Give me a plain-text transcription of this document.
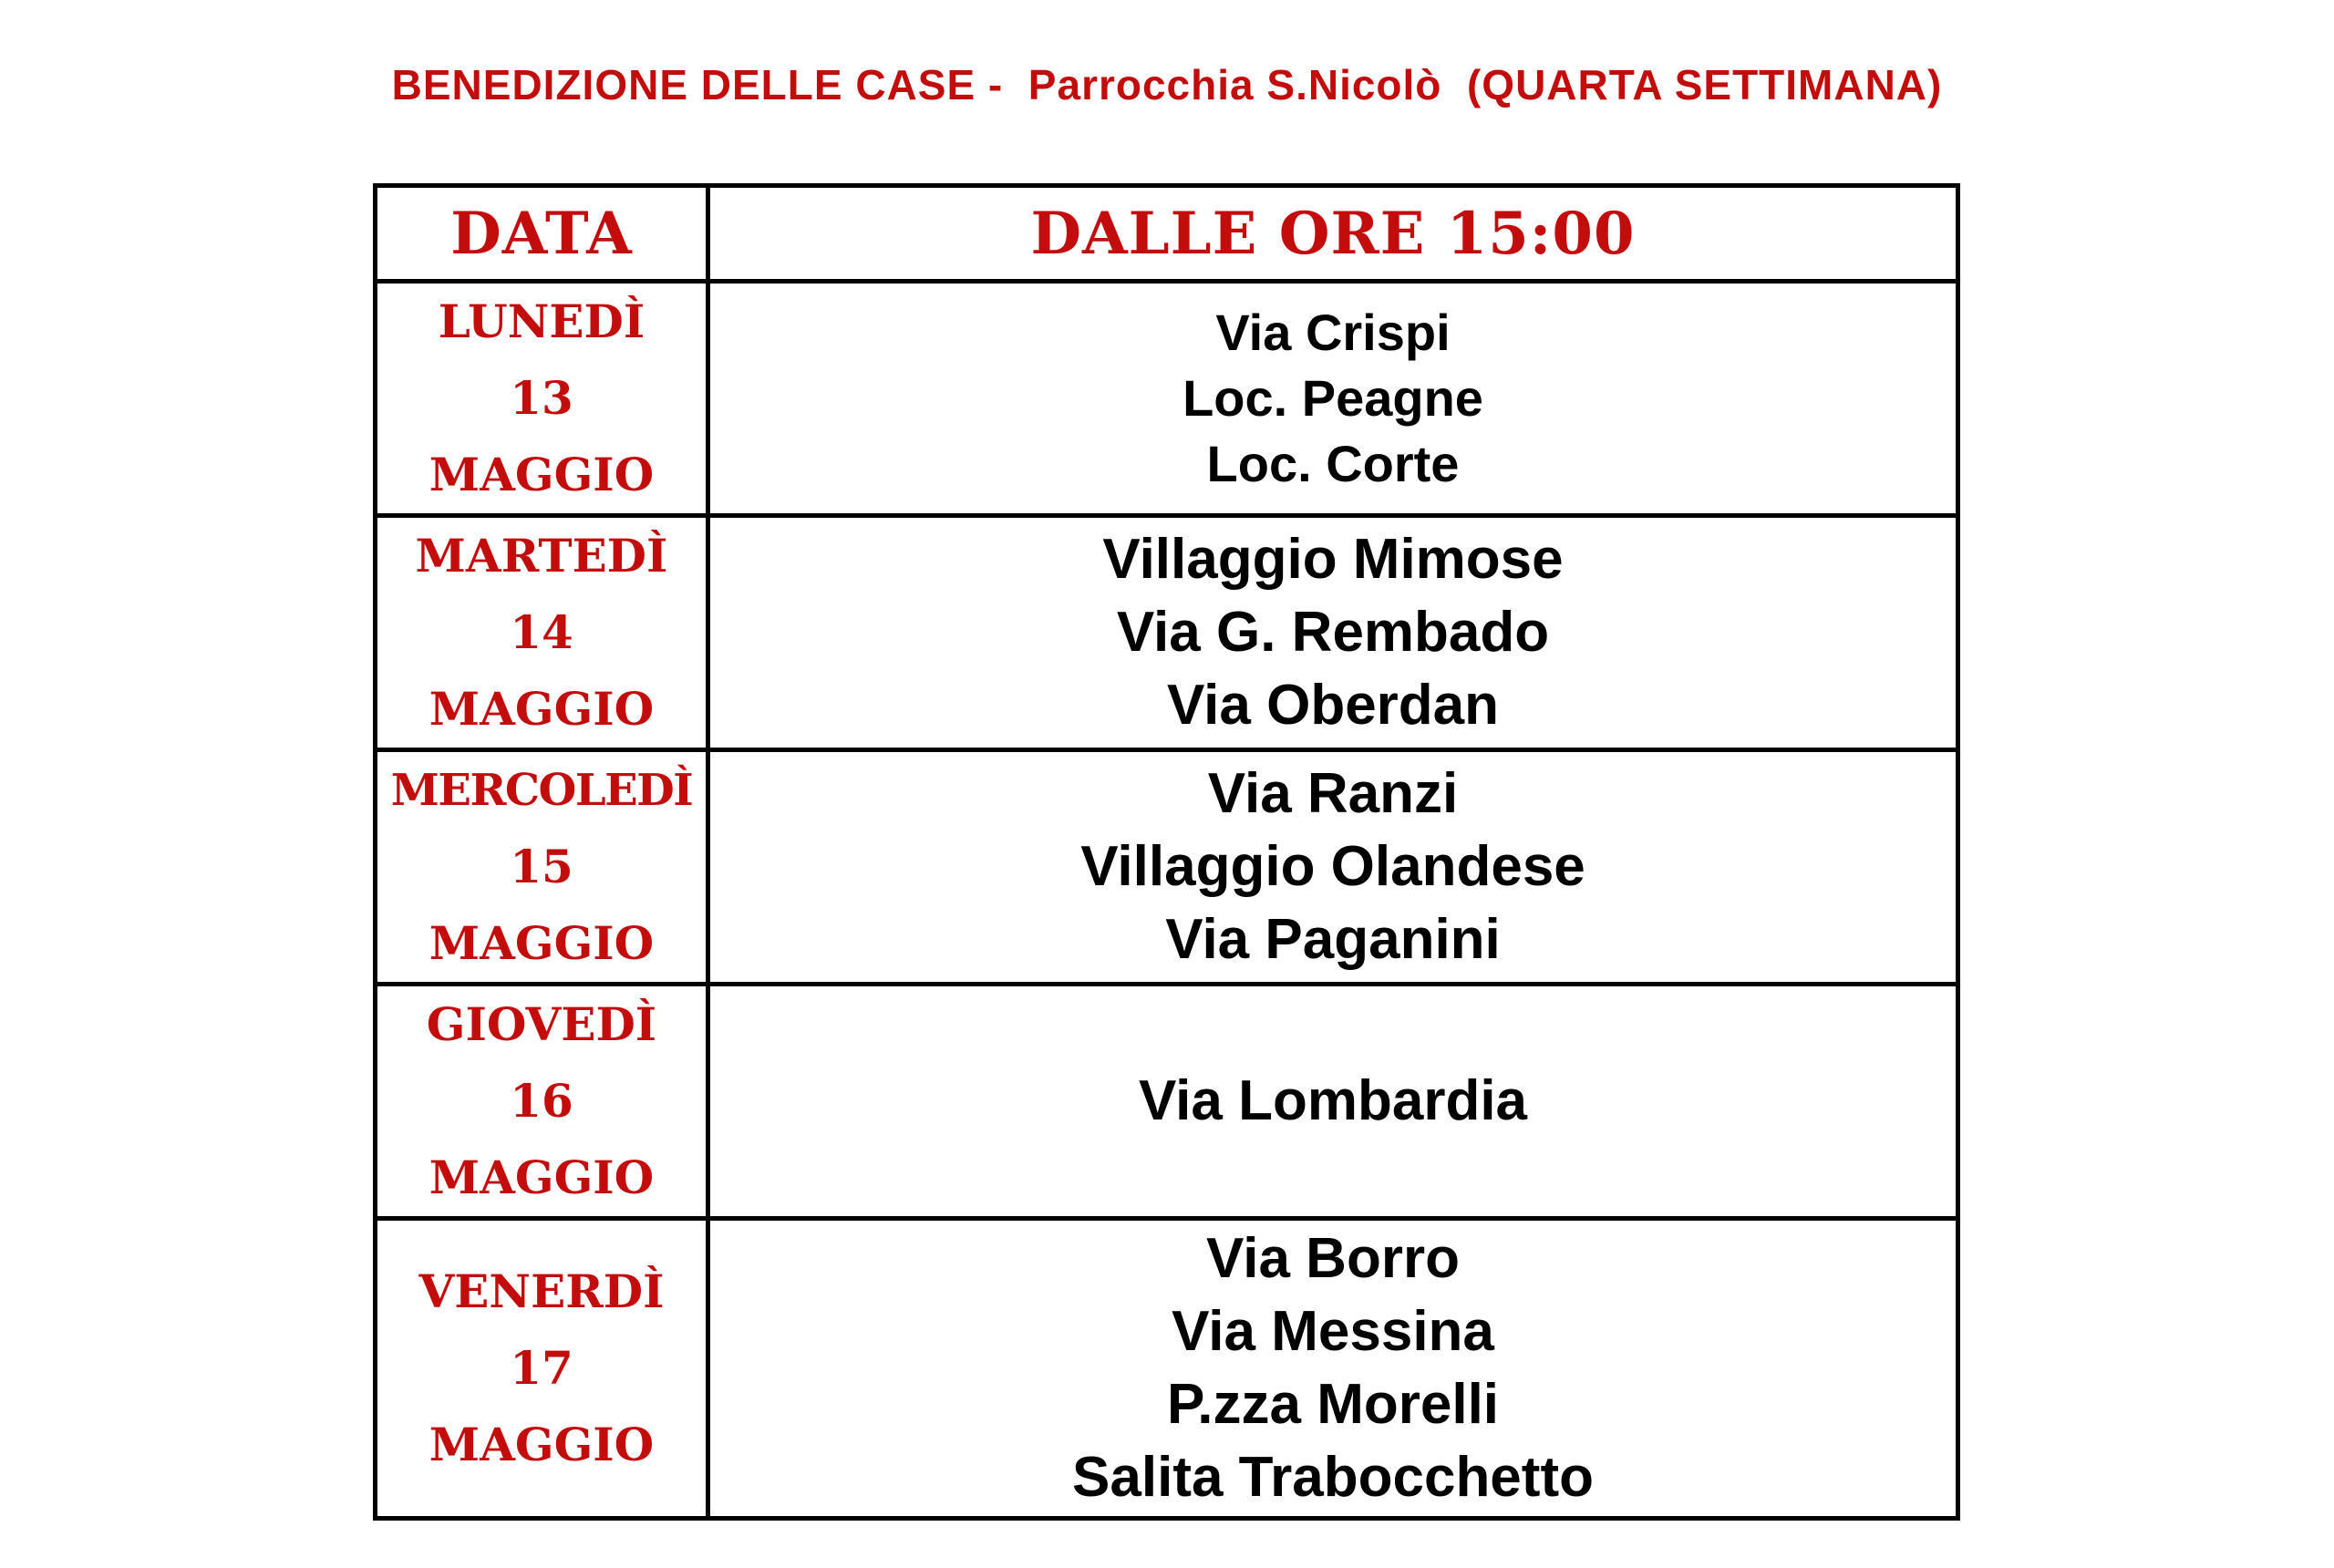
BENEDIZIONE DELLE CASE -  Parrocchia S.Nicolò  (QUARTA SETTIMANA)
DATA	DALLE ORE 15:00

LUNEDÌ
13
MAGGIO	Via Crispi
Loc. Peagne
Loc. Corte

MARTEDÌ
14
MAGGIO	Villaggio Mimose
Via G. Rembado
Via Oberdan

MERCOLEDÌ
15
MAGGIO	Via Ranzi
Villaggio Olandese
Via Paganini

GIOVEDÌ
16
MAGGIO	Via Lombardia

VENERDÌ
17
MAGGIO	Via Borro
Via Messina
P.zza Morelli
Salita Trabocchetto
